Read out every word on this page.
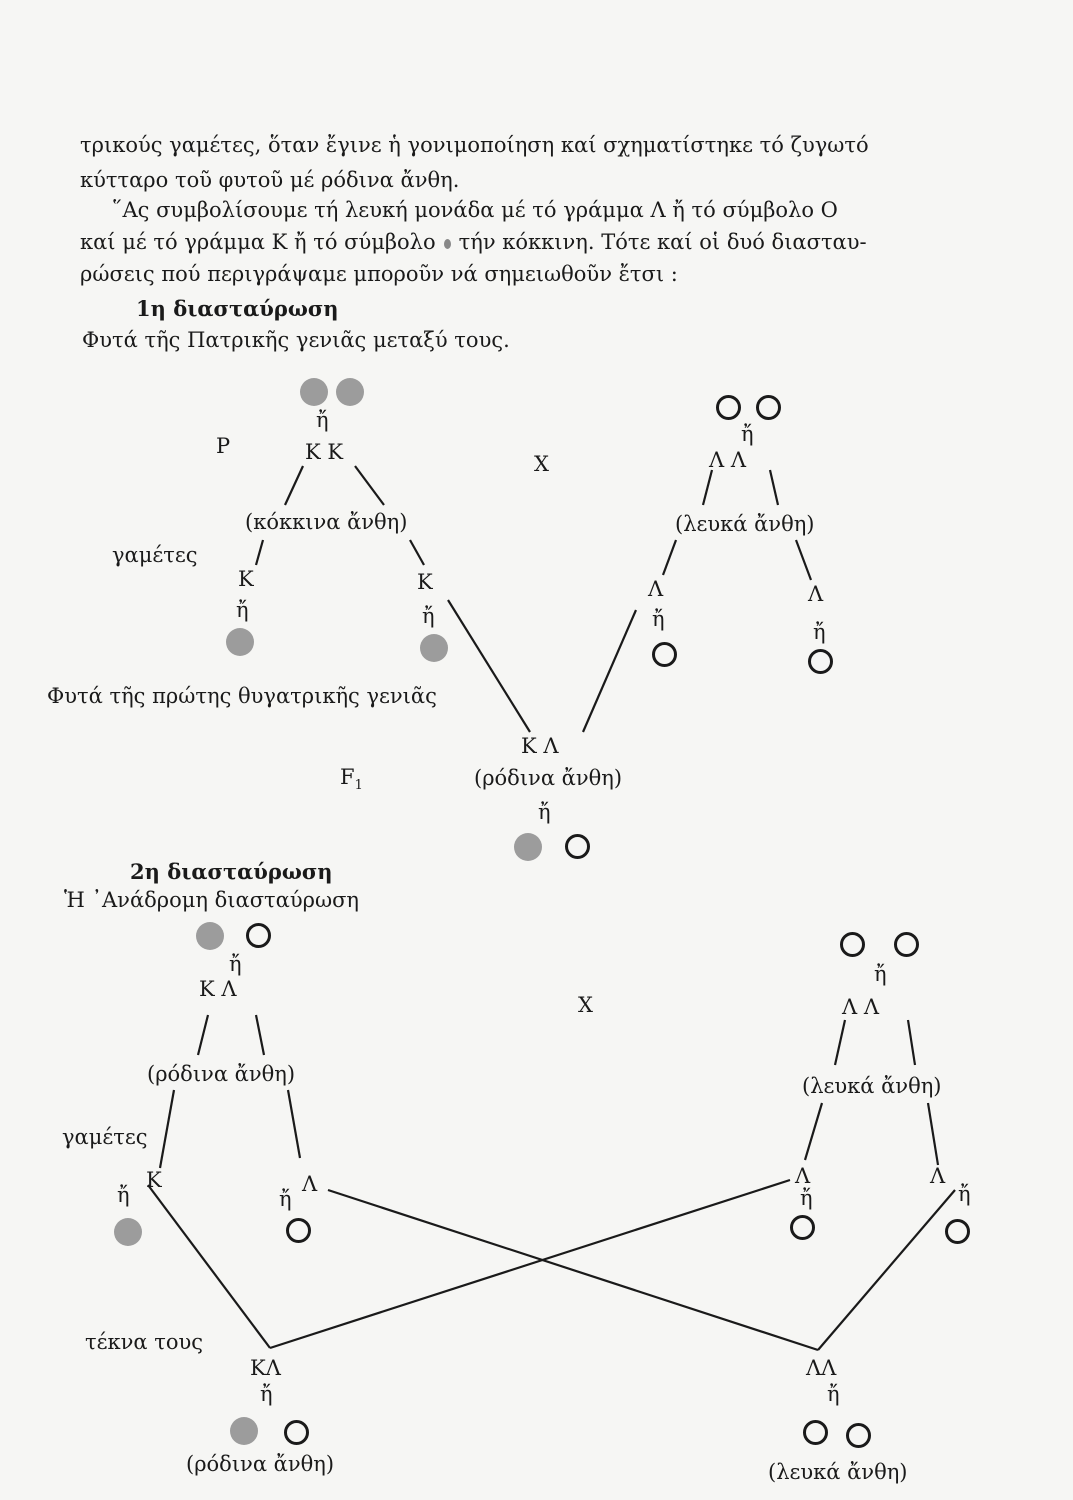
τρικούς γαμέτες, ὅταν ἔγινε ἡ γονιμοποίηση καί σχηματίστηκε τό ζυγωτό
κύτταρο τοῦ φυτοῦ μέ ρόδινα ἄνθη.
῞Ας συμβολίσουμε τή λευκή μονάδα μέ τό γράμμα Λ ἤ τό σύμβολο O
καί μέ τό γράμμα Κ ἤ τό σύμβολο τήν κόκκινη. Τότε καί οἱ δυό διασταυ-
ρώσεις πού περιγράψαμε μποροῦν νά σημειωθοῦν ἔτσι :
1η διασταύρωση
Φυτά τῆς Πατρικῆς γενιᾶς μεταξύ τους.
ἤ
P	Κ Κ	X
(κόκκινα ἄνθη)
γαμέτες
Κ	Κ
ἤ	ἤ
ἤ
Λ Λ
(λευκά ἄνθη)
Λ	Λ
ἤ
ἤ
Φυτά τῆς πρώτης θυγατρικῆς γενιᾶς
Κ Λ
$F_1$	(ρόδινα ἄνθη)
ἤ
2η διασταύρωση
Ἡ ᾿Ανάδρομη διασταύρωση
ἤ
Κ Λ
X
(ρόδινα ἄνθη)
γαμέτες
Κ	Λ
ἤ	ἤ
ἤ
Λ Λ
(λευκά ἄνθη)
Λ	Λ
ἤ	ἤ
τέκνα τους
ΚΛ	ΛΛ
ἤ	ἤ
(ρόδινα ἄνθη)	(λευκά ἄνθη)
